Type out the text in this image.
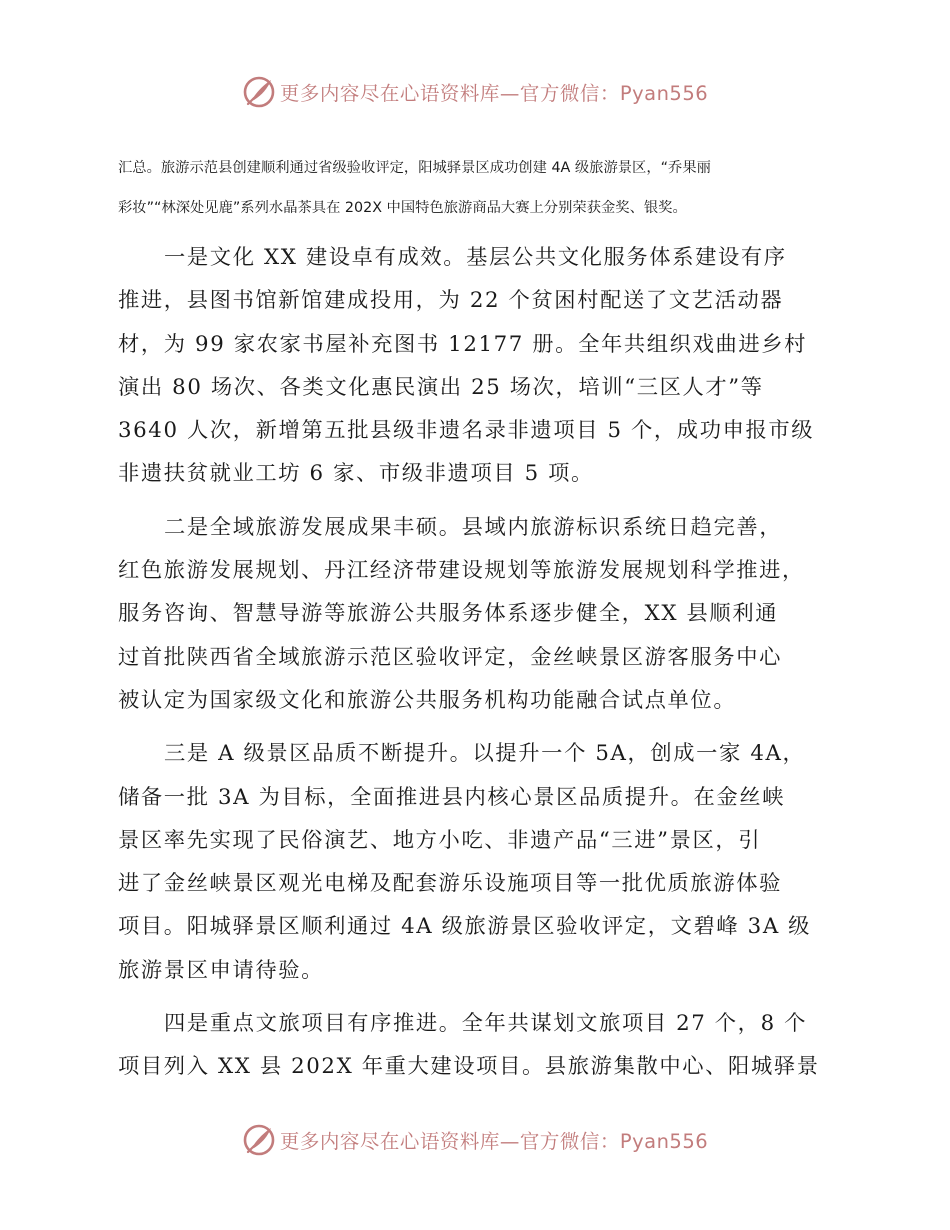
更多内容尽在心语资料库—官方微信：Pyan556

汇总。旅游示范县创建顺利通过省级验收评定，阳城驿景区成功创建 4A 级旅游景区，“乔果丽

彩妆”“林深处见鹿”系列水晶茶具在 202X 中国特色旅游商品大赛上分别荣获金奖、银奖。

一是文化 XX 建设卓有成效。基层公共文化服务体系建设有序
推进，县图书馆新馆建成投用，为 22 个贫困村配送了文艺活动器
材，为 99 家农家书屋补充图书 12177 册。全年共组织戏曲进乡村
演出 80 场次、各类文化惠民演出 25 场次，培训“三区人才”等
3640 人次，新增第五批县级非遗名录非遗项目 5 个，成功申报市级
非遗扶贫就业工坊 6 家、市级非遗项目 5 项。
二是全域旅游发展成果丰硕。县域内旅游标识系统日趋完善，
红色旅游发展规划、丹江经济带建设规划等旅游发展规划科学推进，
服务咨询、智慧导游等旅游公共服务体系逐步健全，XX 县顺利通
过首批陕西省全域旅游示范区验收评定，金丝峡景区游客服务中心
被认定为国家级文化和旅游公共服务机构功能融合试点单位。
三是 A 级景区品质不断提升。以提升一个 5A，创成一家 4A，
储备一批 3A 为目标，全面推进县内核心景区品质提升。在金丝峡
景区率先实现了民俗演艺、地方小吃、非遗产品“三进”景区，引
进了金丝峡景区观光电梯及配套游乐设施项目等一批优质旅游体验
项目。阳城驿景区顺利通过 4A 级旅游景区验收评定，文碧峰 3A 级
旅游景区申请待验。
四是重点文旅项目有序推进。全年共谋划文旅项目 27 个，8 个
项目列入 XX 县 202X 年重大建设项目。县旅游集散中心、阳城驿景
更多内容尽在心语资料库—官方微信：Pyan556
